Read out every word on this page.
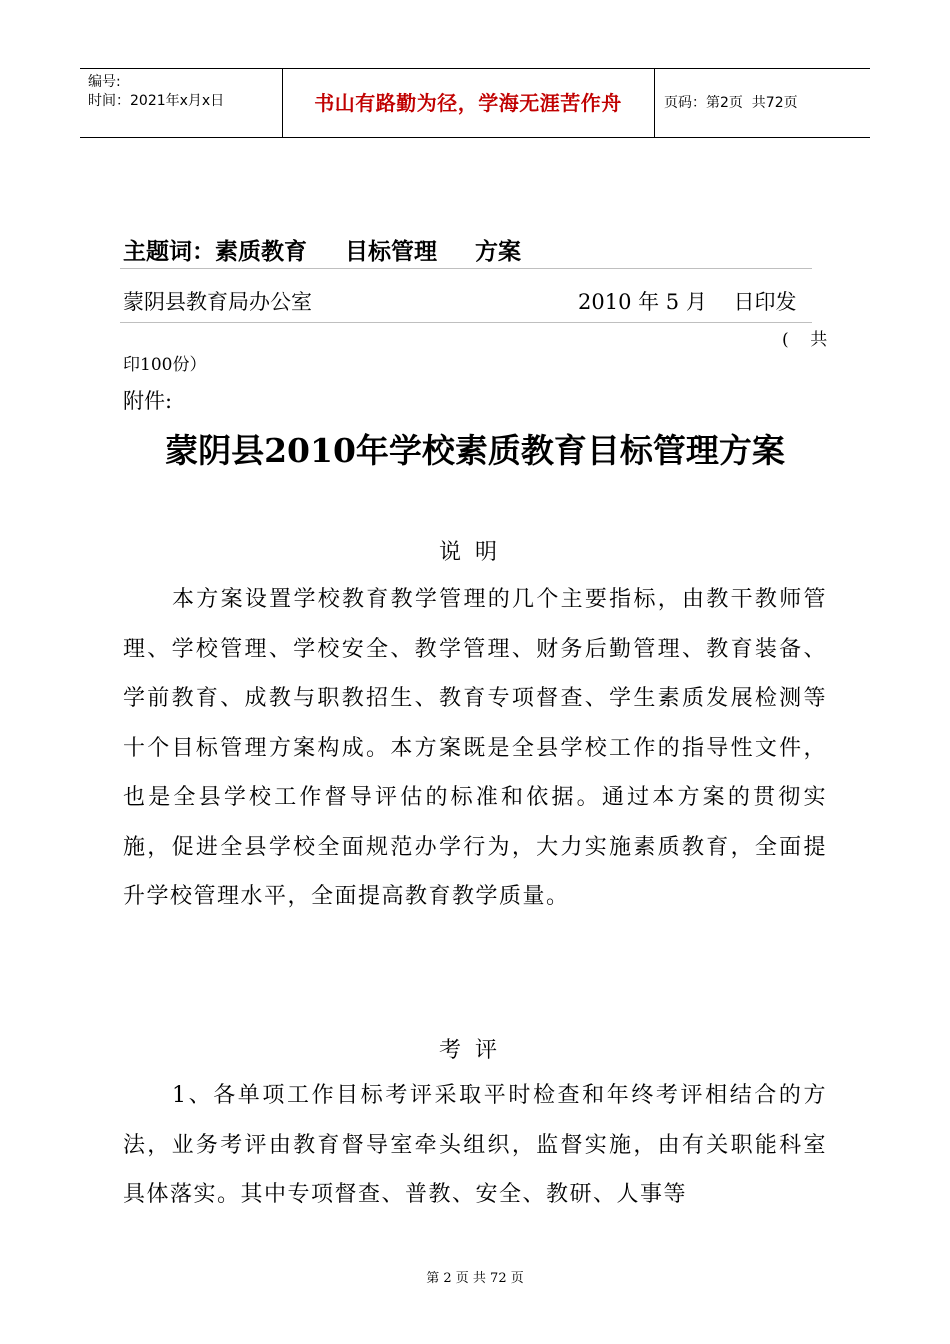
编号:
时间：2021年x月x日	书山有路勤为径，学海无涯苦作舟	页码：第2页  共72页
主题词：素质教育 目标管理 方案
蒙阴县教育局办公室	2010 年 5 月    日印发
(    共
印100份）
附件:
蒙阴县2010年学校素质教育目标管理方案
说明
本方案设置学校教育教学管理的几个主要指标，由教干教师管理、学校管理、学校安全、教学管理、财务后勤管理、教育装备、学前教育、成教与职教招生、教育专项督查、学生素质发展检测等十个目标管理方案构成。本方案既是全县学校工作的指导性文件，也是全县学校工作督导评估的标准和依据。通过本方案的贯彻实施，促进全县学校全面规范办学行为，大力实施素质教育，全面提升学校管理水平，全面提高教育教学质量。
考评
1、各单项工作目标考评采取平时检查和年终考评相结合的方法，业务考评由教育督导室牵头组织，监督实施，由有关职能科室具体落实。其中专项督查、普教、安全、教研、人事等
第 2 页 共 72 页
